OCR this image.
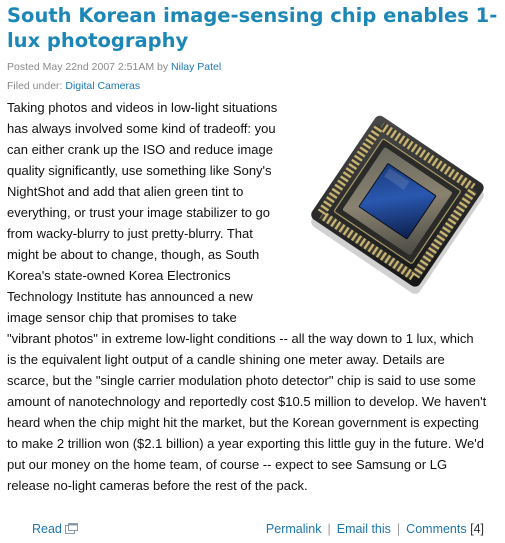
South Korean image-sensing chip enables 1-lux photography
Posted May 22nd 2007 2:51AM by Nilay Patel
Filed under: Digital Cameras
Taking photos and videos in low-light situations
has always involved some kind of tradeoff: you
can either crank up the ISO and reduce image
quality significantly, use something like Sony's
NightShot and add that alien green tint to
everything, or trust your image stabilizer to go
from wacky-blurry to just pretty-blurry. That
might be about to change, though, as South
Korea's state-owned Korea Electronics
Technology Institute has announced a new
image sensor chip that promises to take
"vibrant photos" in extreme low-light conditions -- all the way down to 1 lux, which
is the equivalent light output of a candle shining one meter away. Details are
scarce, but the "single carrier modulation photo detector" chip is said to use some
amount of nanotechnology and reportedly cost $10.5 million to develop. We haven't
heard when the chip might hit the market, but the Korean government is expecting
to make 2 trillion won ($2.1 billion) a year exporting this little guy in the future. We'd
put our money on the home team, of course -- expect to see Samsung or LG
release no-light cameras before the rest of the pack.
Read	Permalink | Email this | Comments [4]
